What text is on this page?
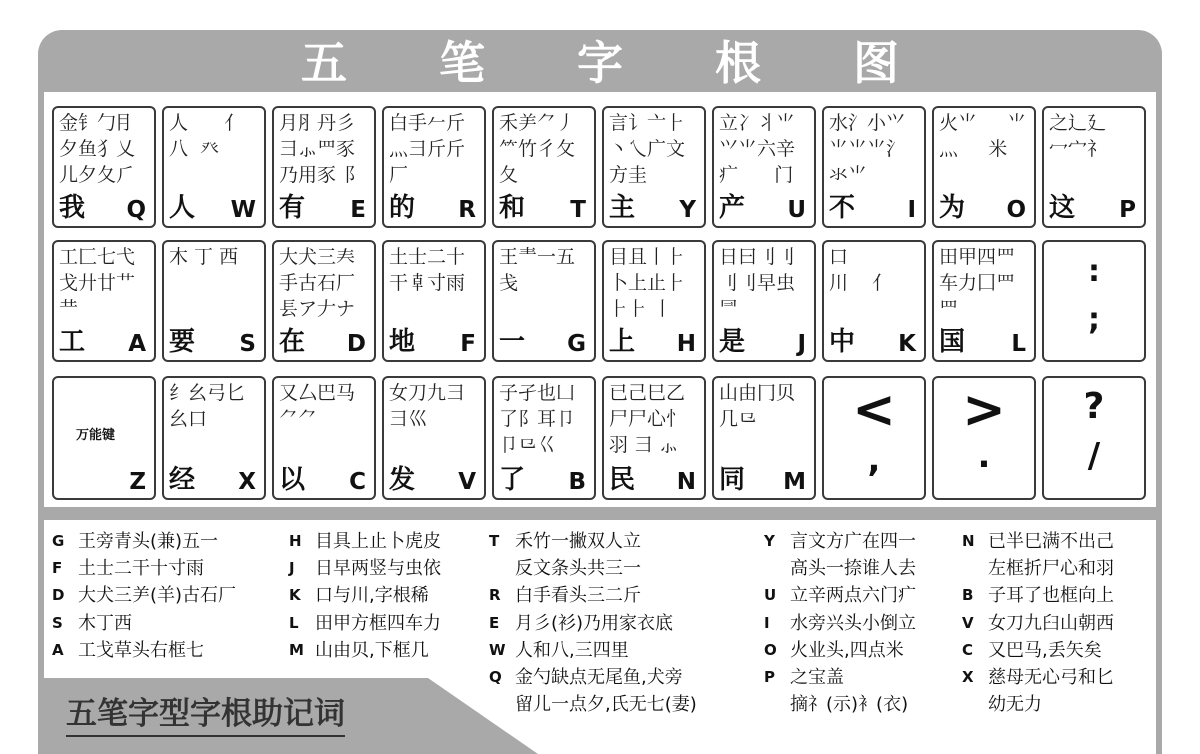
五 笔 字 根 图
金钅勹⺝
夕鱼犭乂
儿夕夂⺁
我 Q
人      亻
八  癶
人 W
月⺼丹彡
⺕⺗罒豕
乃用豕⻏
有 E
白手𠂉斤
⺣⺕斤斤
厂
的 R
禾⺶⺈丿
⺮竹彳攵
夂
和 T
言讠亠⺊
丶乀广文
方圭
主 Y
立冫丬⺌
⺍⺌六辛
疒      门
产 U
水氵小⺍
⺌⺌⺌⺡
氺⺌
不 I
火⺌     ⺌
灬     米
为 O
之辶廴
冖宀礻
这 P
工匚七弋
戈廾廿艹
龷
工 A
木 丁 西
要 S
大犬三𡗗
手古石厂
镸ア𠂇ナ
在 D
土士二十
干𠦝寸雨
地 F
王龶一五
戋
一 G
目且丨⺊
卜上止⺊
⺊⺊ 丨
上 H
日曰刂刂
刂刂早虫
⺜
是 J
口
川    ⺅
中 K
田甲四罒
车力囗罒
⺫
国 L
纟幺弓匕
幺口
经 X
又厶巴马
⺈⺈
以 C
女刀九彐
⺕巛
发 V
子孑也凵
了阝耳卩
卩⺋巜
了 B
已己巳乙
尸尸心忄
羽 ⺕ ⺗
民 N
山由冂贝
几⺋
同 M
万能键
Z
:
;
<
,
>
.
?
/
G 王旁青头(兼)五一
F 土士二干十寸雨
D 大犬三⺶(羊)古石厂
S 木丁西
A 工戈草头右框七
H 目具上止卜虎皮
J	日早两竖与虫依
K 口与川,字根稀
L 田甲方框四车力
M 山由贝,下框几
T 禾竹一撇双人立
反文条头共三一
R 白手看头三二斤
E 月彡(衫)乃用家衣底
W 人和八,三四里
Q 金勺缺点无尾鱼,犬旁
留儿一点夕,氏无七(妻)
Y 言文方广在四一
高头一捺谁人去
U 立辛两点六门疒
I	水旁兴头小倒立
O 火业头,四点米
P 之宝盖
摘礻(示)衤(衣)
N 已半巳满不出己
左框折尸心和羽
B 子耳了也框向上
V 女刀九臼山朝西
C 又巴马,丢矢矣
X 慈母无心弓和匕
幼无力
五笔字型字根助记词
